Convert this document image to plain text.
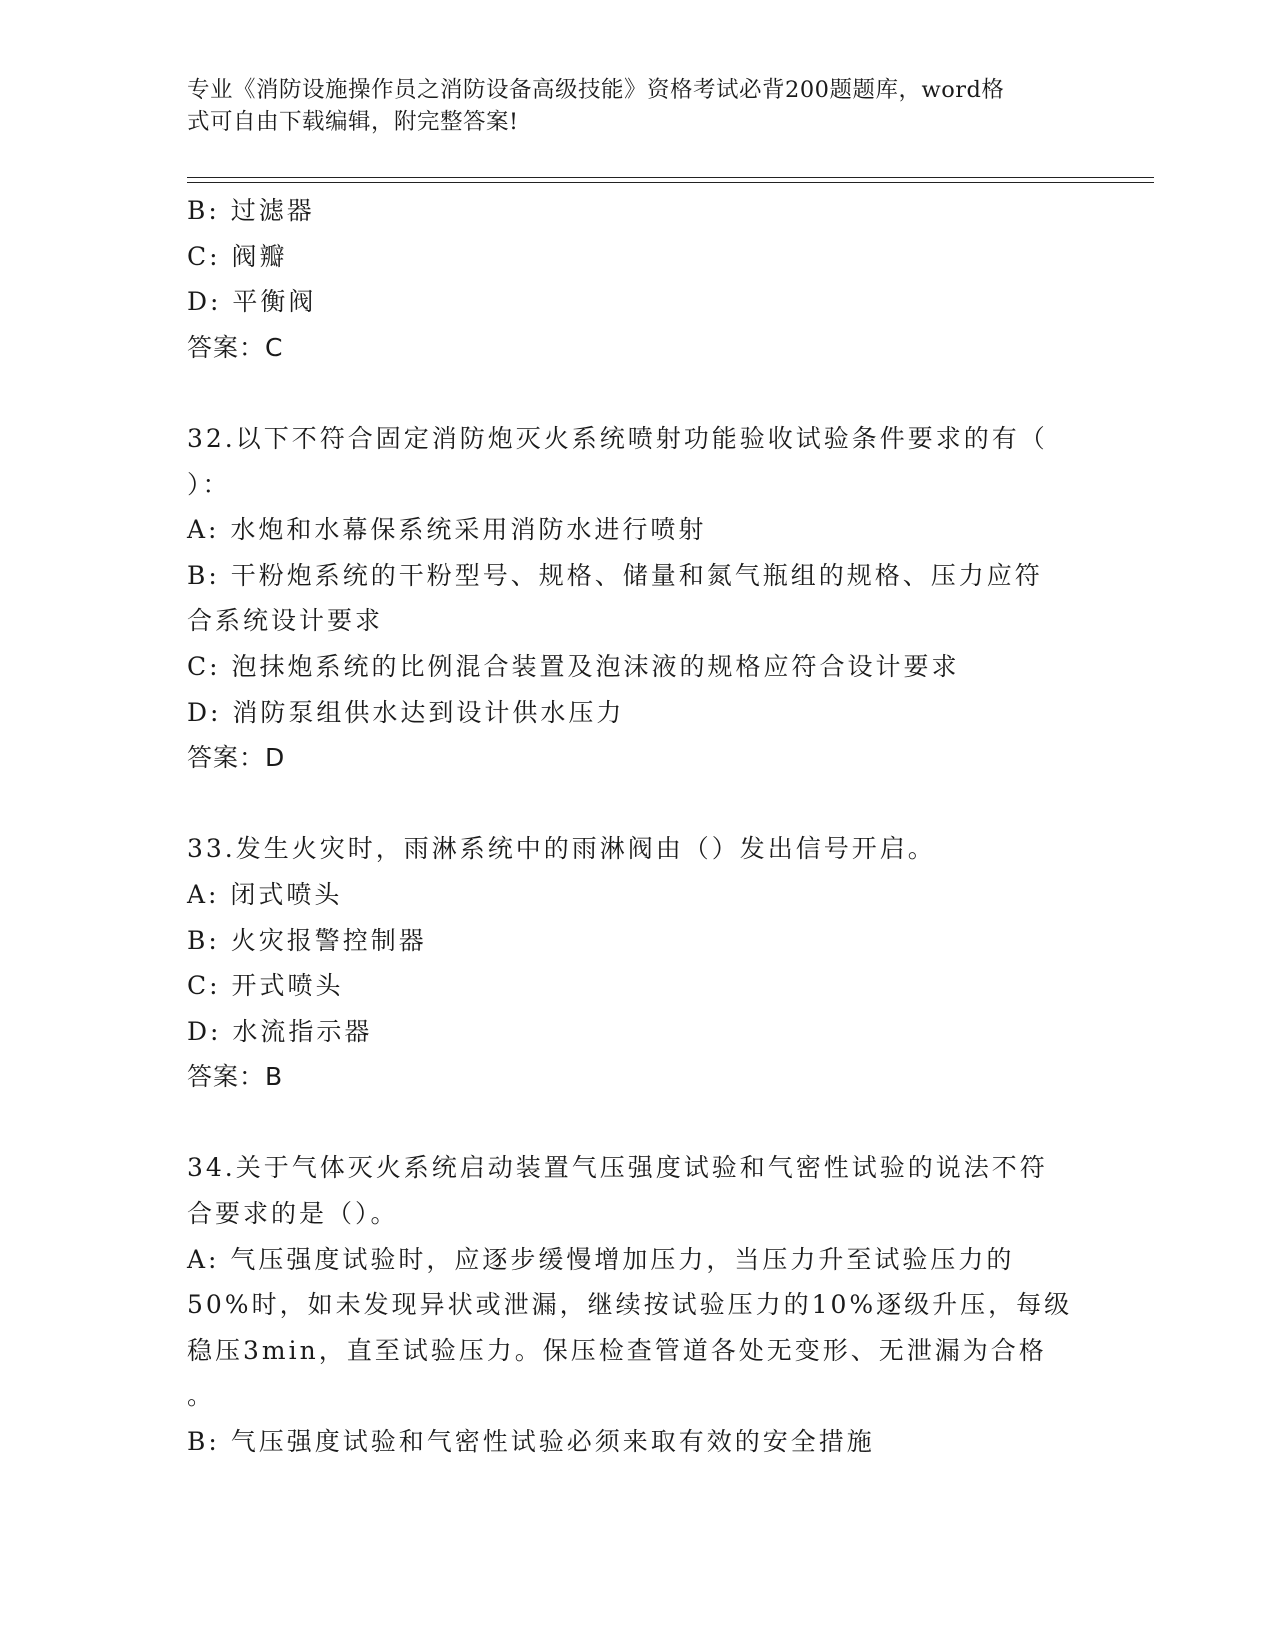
专业《消防设施操作员之消防设备高级技能》资格考试必背200题题库，word格
式可自由下载编辑，附完整答案!
B: 过滤器
C: 阀瓣
D: 平衡阀
答案：C
32.以下不符合固定消防炮灭火系统喷射功能验收试验条件要求的有（
）：
A: 水炮和水幕保系统采用消防水进行喷射
B: 干粉炮系统的干粉型号、规格、储量和氮气瓶组的规格、压力应符
合系统设计要求
C: 泡抹炮系统的比例混合装置及泡沫液的规格应符合设计要求
D: 消防泵组供水达到设计供水压力
答案：D
33.发生火灾时，雨淋系统中的雨淋阀由（）发出信号开启。
A: 闭式喷头
B: 火灾报警控制器
C: 开式喷头
D: 水流指示器
答案：B
34.关于气体灭火系统启动装置气压强度试验和气密性试验的说法不符
合要求的是（）。
A: 气压强度试验时，应逐步缓慢增加压力，当压力升至试验压力的
50%时，如未发现异状或泄漏，继续按试验压力的10%逐级升压，每级
稳压3min，直至试验压力。保压检查管道各处无变形、无泄漏为合格
。
B: 气压强度试验和气密性试验必须来取有效的安全措施
